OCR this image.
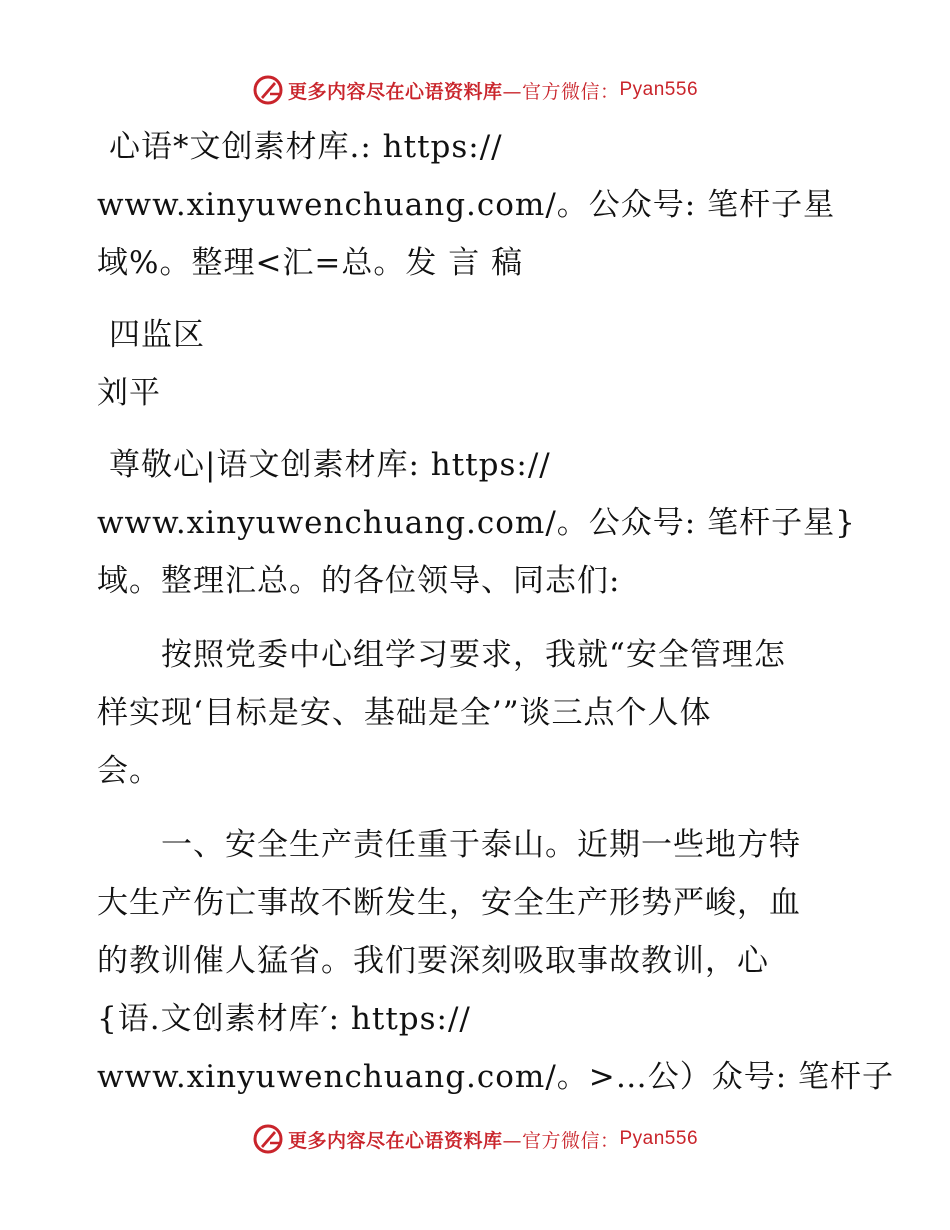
更多内容尽在心语资料库 —官方微信： Pyan556
心语*文创素材库.: https://
www.xinyuwenchuang.com/。公众号: 笔杆子星
域%。整理<汇=总。发 言 稿
四监区
刘平
尊敬心|语文创素材库: https://
www.xinyuwenchuang.com/。公众号: 笔杆子星}
域。整理汇总。的各位领导、同志们:
按照党委中心组学习要求，我就“安全管理怎
样实现‘目标是安、基础是全’”谈三点个人体
会。
一、安全生产责任重于泰山。近期一些地方特
大生产伤亡事故不断发生，安全生产形势严峻，血
的教训催人猛省。我们要深刻吸取事故教训，心
{语.文创素材库′: https://
www.xinyuwenchuang.com/。>…公）众号: 笔杆子
更多内容尽在心语资料库 —官方微信： Pyan556
